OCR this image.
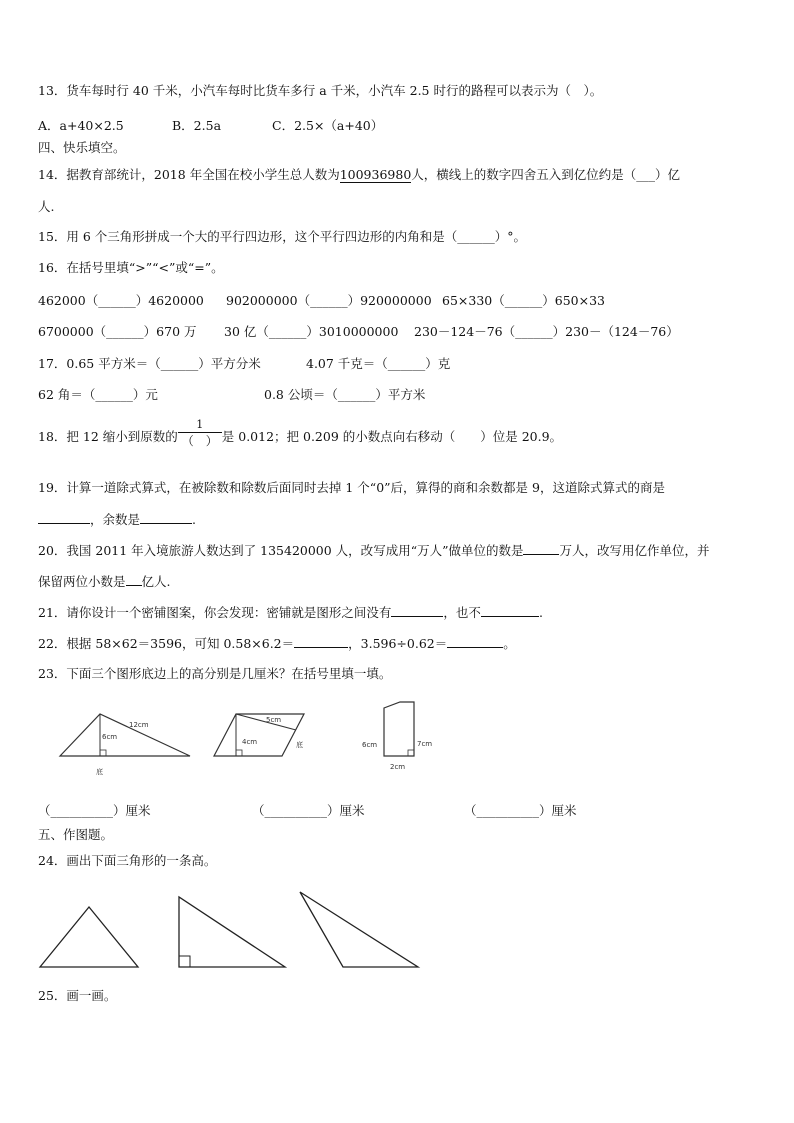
13．货车每时行 40 千米，小汽车每时比货车多行 a 千米，小汽车 2.5 时行的路程可以表示为（　）。
A．a+40×2.5	B．2.5a	C．2.5×（a+40）
四、快乐填空。
14．据教育部统计，2018 年全国在校小学生总人数为100936980人，横线上的数字四舍五入到亿位约是（___）亿
人.
15．用 6 个三角形拼成一个大的平行四边形，这个平行四边形的内角和是（______）°。
16．在括号里填“>”“<”或“=”。
462000（______）4620000 902000000（______）920000000 65×330（______）650×33
6700000（______）670 万 30 亿（______）3010000000 230－124－76（______）230－（124－76）
17．0.65 平方米＝（______）平方分米	4.07 千克＝（______）克
62 角＝（______）元	0.8 公顷＝（______）平方米
18．把 12 缩小到原数的 $\frac{1}{( )}$ 是 0.012；把 0.209 的小数点向右移动（　　）位是 20.9。
19．计算一道除式算式，在被除数和除数后面同时去掉 1 个“0”后，算得的商和余数都是 9，这道除式算式的商是
，余数是	.
20．我国 2011 年入境旅游人数达到了 135420000 人，改写成用“万人”做单位的数是	万人，改写用亿作单位，并
保留两位小数是 亿人.
21．请你设计一个密铺图案，你会发现：密铺就是图形之间没有	，也不	.
22．根据 58×62＝3596，可知 0.58×6.2＝	，3.596÷0.62＝	。
23．下面三个图形底边上的高分别是几厘米？在括号里填一填。
12cm
6cm
底
5cm
4cm	底	6cm	7cm
2cm
（__________）厘米	（__________）厘米	（__________）厘米
五、作图题。
24．画出下面三角形的一条高。
25．画一画。
